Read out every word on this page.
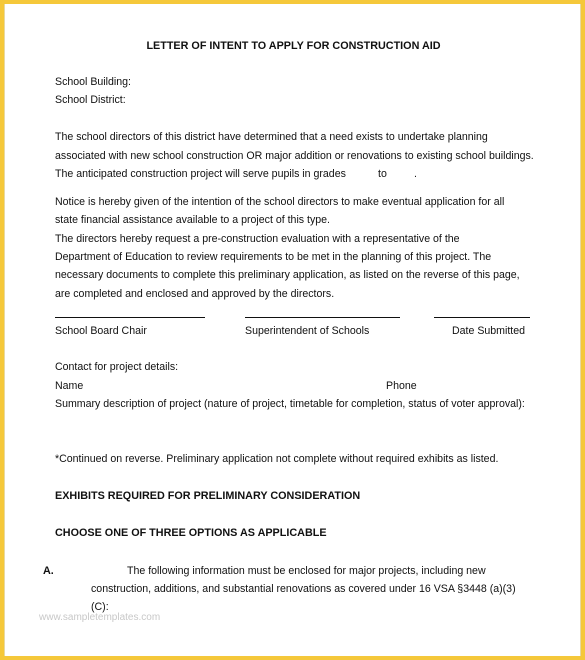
LETTER OF INTENT TO APPLY FOR CONSTRUCTION AID
School Building:
School District:
The school directors of this district have determined that a need exists to undertake planning
associated with new school construction OR major addition or renovations to existing school buildings.
The anticipated construction project will serve pupils in grades	to	.
Notice is hereby given of the intention of the school directors to make eventual application for all
state financial assistance available to a project of this type.
The directors hereby request a pre-construction evaluation with a representative of the
Department of Education to review requirements to be met in the planning of this project. The
necessary documents to complete this preliminary application, as listed on the reverse of this page,
are completed and enclosed and approved by the directors.
School Board Chair	Superintendent of Schools	Date Submitted
Contact for project details:
Name	Phone
Summary description of project (nature of project, timetable for completion, status of voter approval):
*Continued on reverse. Preliminary application not complete without required exhibits as listed.
EXHIBITS REQUIRED FOR PRELIMINARY CONSIDERATION
CHOOSE ONE OF THREE OPTIONS AS APPLICABLE
A.	The following information must be enclosed for major projects, including new
construction, additions, and substantial renovations as covered under 16 VSA §3448 (a)(3)
(C):
www.sampletemplates.com
